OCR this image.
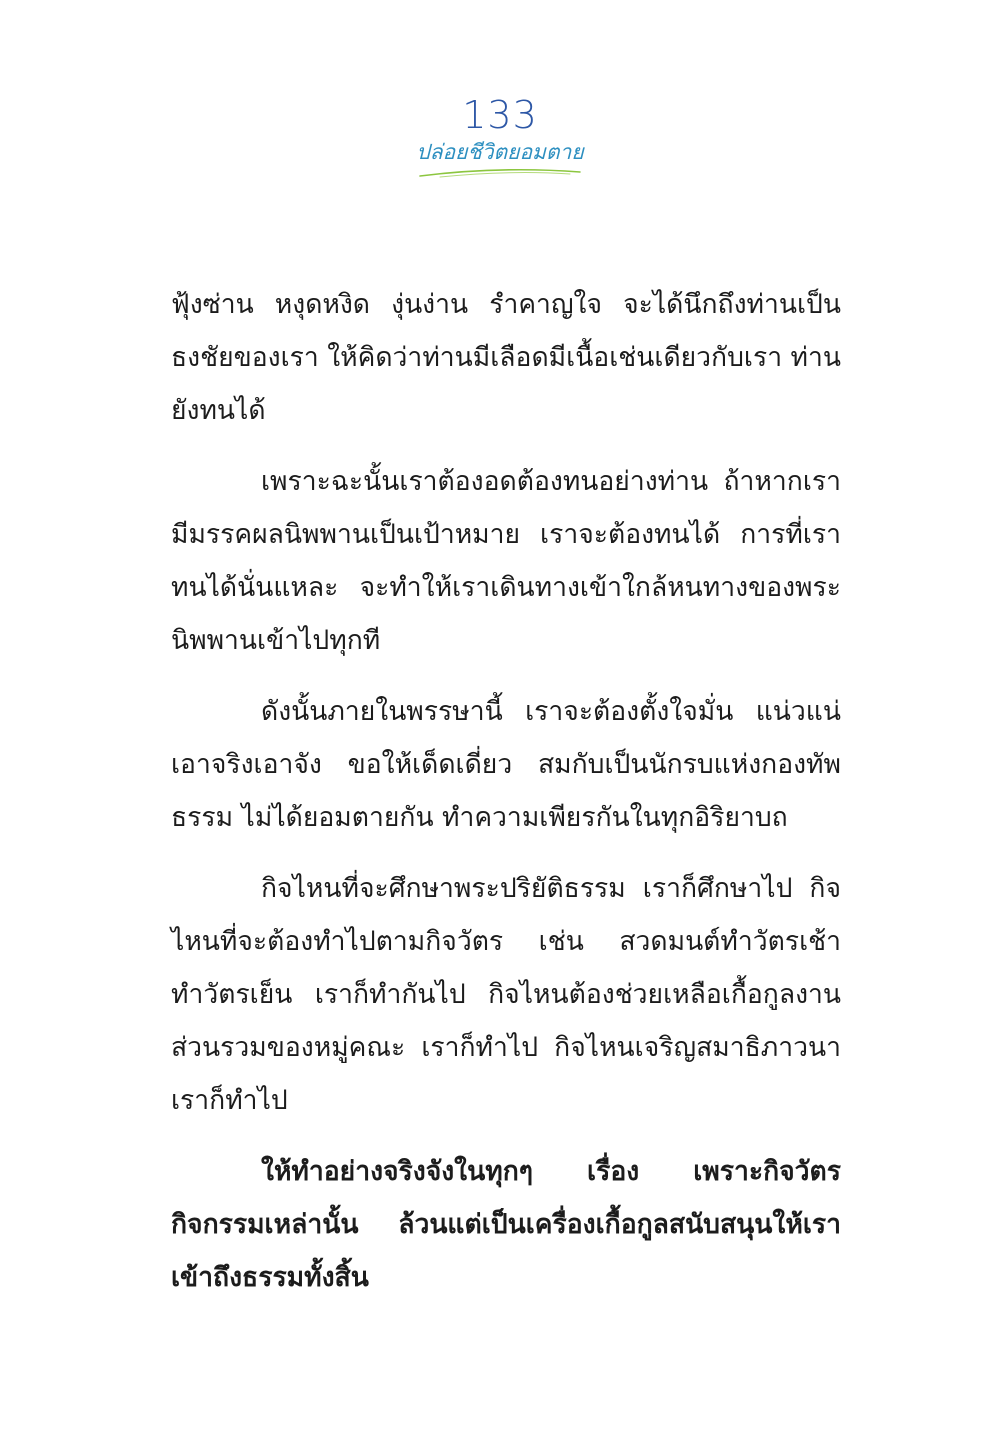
133
ปล่อยชีวิตยอมตาย

ฟุ้งซ่าน หงุดหงิด งุ่นง่าน รำคาญใจ จะได้นึกถึงท่านเป็นธงชัยของเรา ให้คิดว่าท่านมีเลือดมีเนื้อเช่นเดียวกับเรา ท่านยังทนได้

เพราะฉะนั้นเราต้องอดต้องทนอย่างท่าน ถ้าหากเรามีมรรคผลนิพพานเป็นเป้าหมาย เราจะต้องทนได้ การที่เราทนได้นั่นแหละ จะทำให้เราเดินทางเข้าใกล้หนทางของพระนิพพานเข้าไปทุกที

ดังนั้นภายในพรรษานี้ เราจะต้องตั้งใจมั่น แน่วแน่เอาจริงเอาจัง ขอให้เด็ดเดี่ยว สมกับเป็นนักรบแห่งกองทัพธรรม ไม่ได้ยอมตายกัน ทำความเพียรกันในทุกอิริยาบถ

กิจไหนที่จะศึกษาพระปริยัติธรรม เราก็ศึกษาไป กิจไหนที่จะต้องทำไปตามกิจวัตร เช่น สวดมนต์ทำวัตรเช้าทำวัตรเย็น เราก็ทำกันไป กิจไหนต้องช่วยเหลือเกื้อกูลงานส่วนรวมของหมู่คณะ เราก็ทำไป กิจไหนเจริญสมาธิภาวนาเราก็ทำไป

ให้ทำอย่างจริงจังในทุกๆ เรื่อง เพราะกิจวัตรกิจกรรมเหล่านั้น ล้วนแต่เป็นเครื่องเกื้อกูลสนับสนุนให้เราเข้าถึงธรรมทั้งสิ้น
